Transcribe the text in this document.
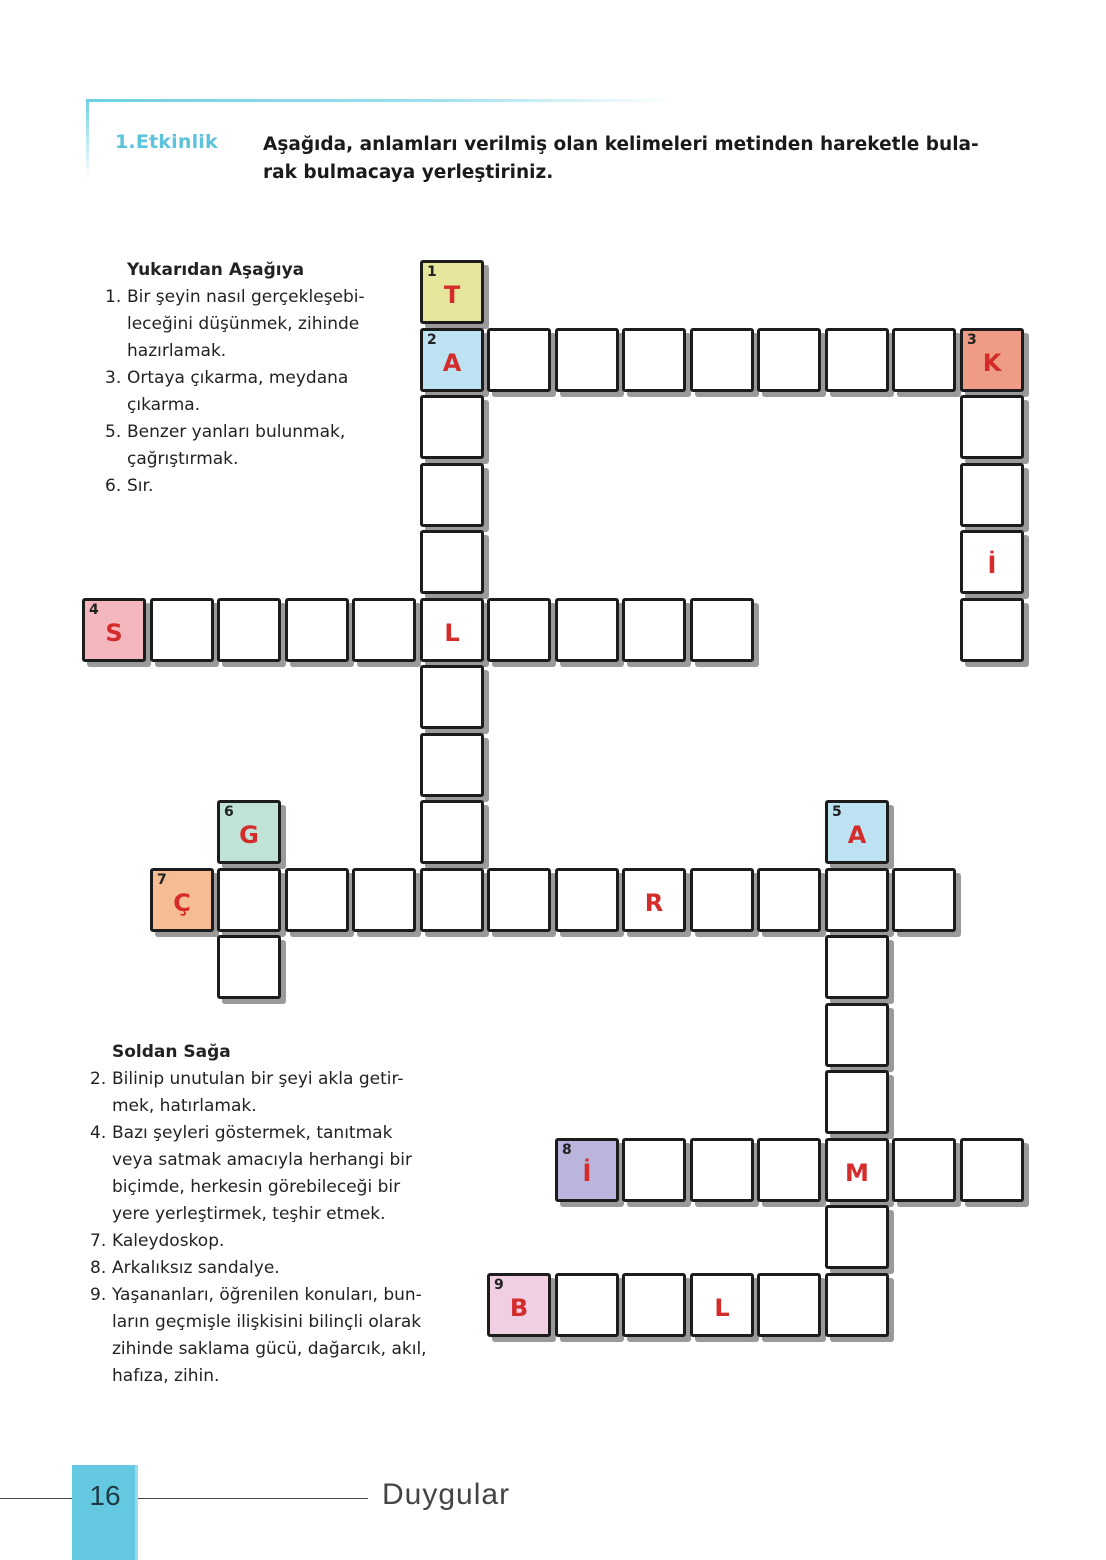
1.Etkinlik Aşağıda, anlamları verilmiş olan kelimeleri metinden hareketle bula-
rak bulmacaya yerleştiriniz.
Yukarıdan Aşağıya
1. Bir şeyin nasıl gerçekleşebi-
leceğini düşünmek, zihinde
hazırlamak.
3. Ortaya çıkarma, meydana
çıkarma.
5. Benzer yanları bulunmak,
çağrıştırmak.
6. Sır.
Soldan Sağa
2. Bilinip unutulan bir şeyi akla getir-
mek, hatırlamak.
4. Bazı şeyleri göstermek, tanıtmak
veya satmak amacıyla herhangi bir
biçimde, herkesin görebileceği bir
yere yerleştirmek, teşhir etmek.
7. Kaleydoskop.
8. Arkalıksız sandalye.
9. Yaşananları, öğrenilen konuları, bun-
ların geçmişle ilişkisini bilinçli olarak
zihinde saklama gücü, dağarcık, akıl,
hafıza, zihin.
1
T
2
A
3
K
İ
4
S	L
6
G
5
A
7
Ç	R
8
İ	M
9
B	L
16	Duygular
